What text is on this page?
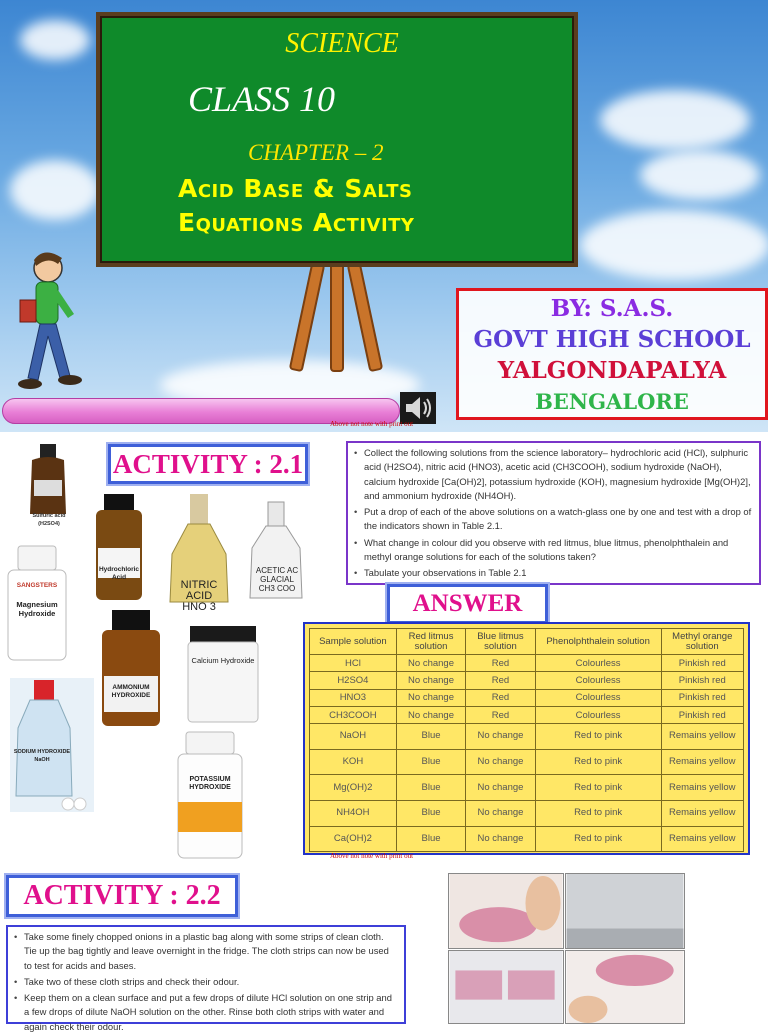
SCIENCE
CLASS 10
CHAPTER – 2
Acid Base & Salts
Equations Activity
BY: S.A.S.
GOVT HIGH SCHOOL
YALGONDAPALYA
BENGALORE
Above not note with print out
ACTIVITY : 2.1
Sulfuric acid (H2SO4)
Hydrochloric Acid
NITRIC
ACID
HNO 3
ACETIC AC
GLACIAL
CH3 COO
SANGSTERS
Magnesium Hydroxide
AMMONIUM HYDROXIDE
Calcium Hydroxide
SODIUM HYDROXIDE NaOH
POTASSIUM HYDROXIDE
• Collect the following solutions from the science laboratory– hydrochloric acid (HCl), sulphuric acid (H2SO4), nitric acid (HNO3), acetic acid (CH3COOH), sodium hydroxide (NaOH), calcium hydroxide [Ca(OH)2], potassium hydroxide (KOH), magnesium hydroxide [Mg(OH)2], and ammonium hydroxide (NH4OH).
• Put a drop of each of the above solutions on a watch-glass one by one and test with a drop of the indicators shown in Table 2.1.
• What change in colour did you observe with red litmus, blue litmus, phenolphthalein and methyl orange solutions for each of the solutions taken?
• Tabulate your observations in Table 2.1
ANSWER
Sample solution	Red litmus solution	Blue litmus solution	Phenolphthalein solution	Methyl orange solution
HCl	No change	Red	Colourless	Pinkish red
H2SO4	No change	Red	Colourless	Pinkish red
HNO3	No change	Red	Colourless	Pinkish red
CH3COOH	No change	Red	Colourless	Pinkish red
NaOH	Blue	No change	Red to pink	Remains yellow
KOH	Blue	No change	Red to pink	Remains yellow
Mg(OH)2	Blue	No change	Red to pink	Remains yellow
NH4OH	Blue	No change	Red to pink	Remains yellow
Ca(OH)2	Blue	No change	Red to pink	Remains yellow
Above not note with print out
ACTIVITY : 2.2
• Take some finely chopped onions in a plastic bag along with some strips of clean cloth. Tie up the bag tightly and leave overnight in the fridge. The cloth strips can now be used to test for acids and bases.
• Take two of these cloth strips and check their odour.
• Keep them on a clean surface and put a few drops of dilute HCl solution on one strip and a few drops of dilute NaOH solution on the other. Rinse both cloth strips with water and again check their odour.
